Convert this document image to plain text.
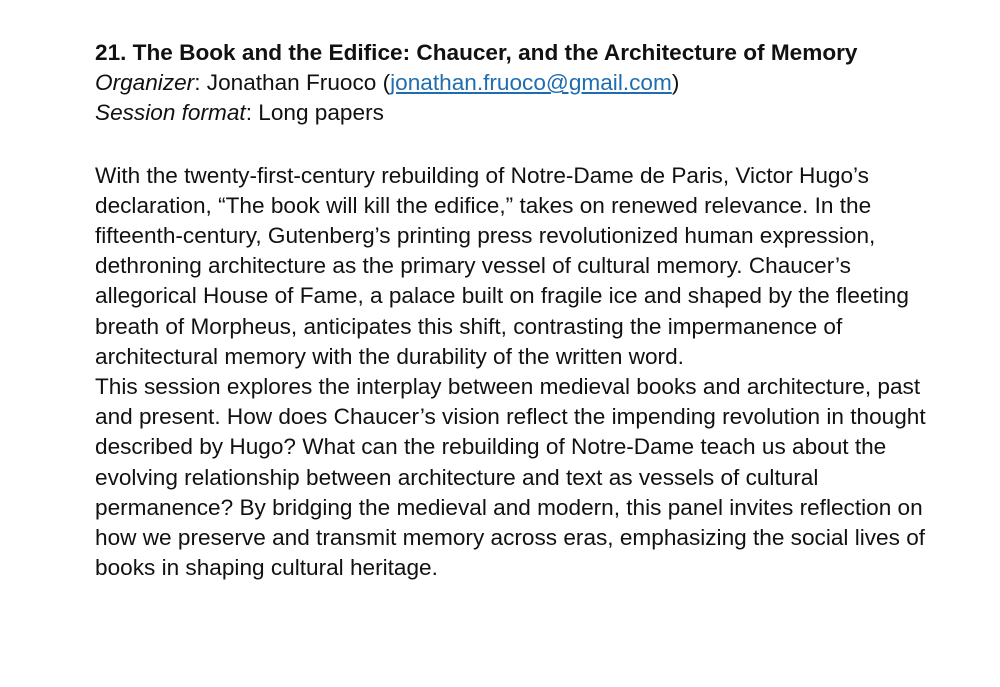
21. The Book and the Edifice: Chaucer, and the Architecture of Memory

Organizer: Jonathan Fruoco (jonathan.fruoco@gmail.com)

Session format: Long papers

With the twenty-first-century rebuilding of Notre-Dame de Paris, Victor Hugo’s declaration, “The book will kill the edifice,” takes on renewed relevance. In the fifteenth-century, Gutenberg’s printing press revolutionized human expression, dethroning architecture as the primary vessel of cultural memory. Chaucer’s allegorical House of Fame, a palace built on fragile ice and shaped by the fleeting breath of Morpheus, anticipates this shift, contrasting the impermanence of architectural memory with the durability of the written word.

This session explores the interplay between medieval books and architecture, past and present. How does Chaucer’s vision reflect the impending revolution in thought described by Hugo? What can the rebuilding of Notre-Dame teach us about the evolving relationship between architecture and text as vessels of cultural permanence? By bridging the medieval and modern, this panel invites reflection on how we preserve and transmit memory across eras, emphasizing the social lives of books in shaping cultural heritage.
